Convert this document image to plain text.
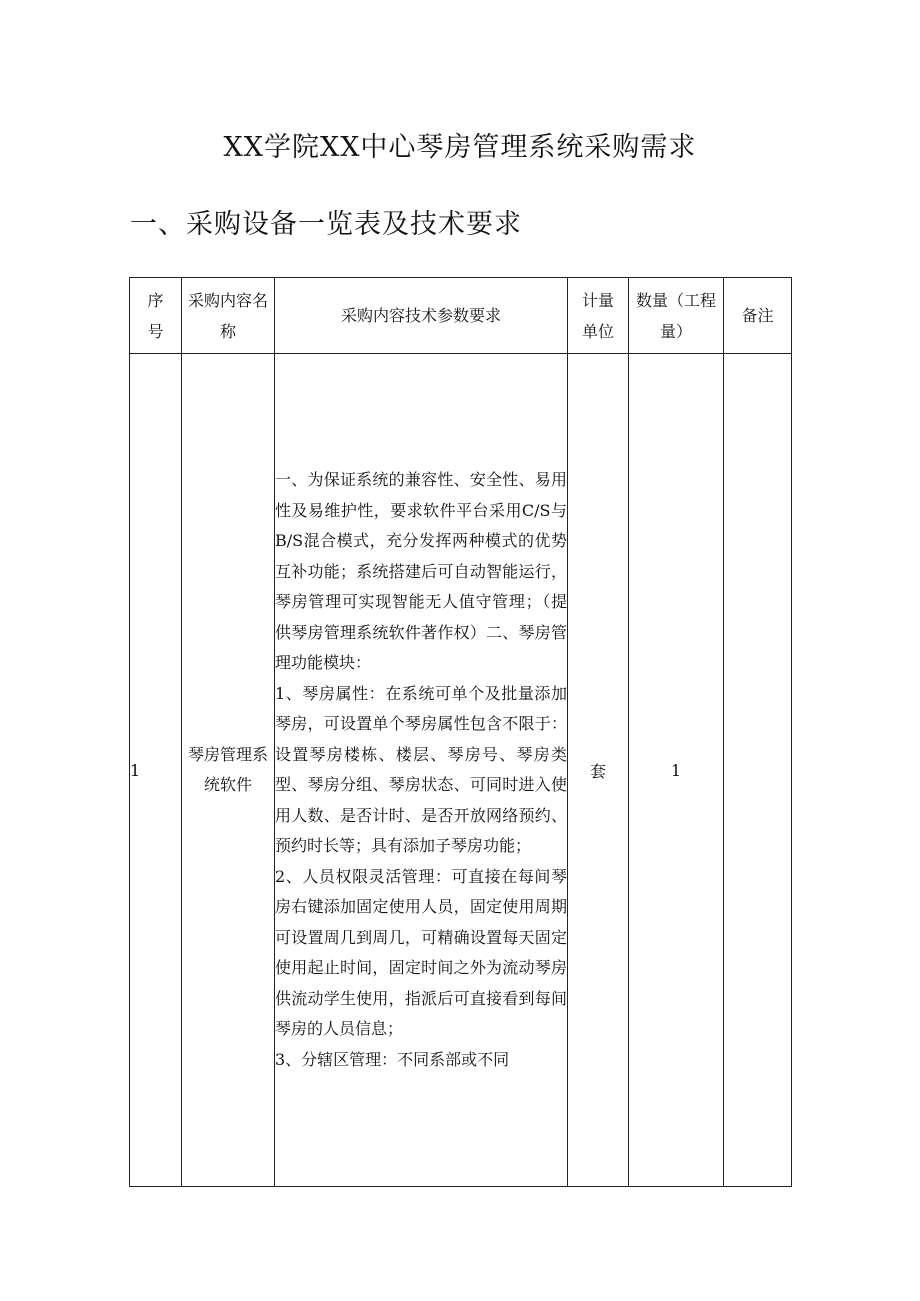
XX学院XX中心琴房管理系统采购需求
一、采购设备一览表及技术要求
序号	采购内容名称	采购内容技术参数要求	计量单位	数量（工程量）	备注
1	琴房管理系统软件	一、为保证系统的兼容性、安全性、易用性及易维护性，要求软件平台采用C/S与B/S混合模式，充分发挥两种模式的优势互补功能；系统搭建后可自动智能运行，琴房管理可实现智能无人值守管理；（提供琴房管理系统软件著作权）二、琴房管理功能模块：
1、琴房属性：在系统可单个及批量添加琴房，可设置单个琴房属性包含不限于：设置琴房楼栋、楼层、琴房号、琴房类型、琴房分组、琴房状态、可同时进入使用人数、是否计时、是否开放网络预约、预约时长等；具有添加子琴房功能；
2、人员权限灵活管理：可直接在每间琴房右键添加固定使用人员，固定使用周期可设置周几到周几，可精确设置每天固定使用起止时间，固定时间之外为流动琴房供流动学生使用，指派后可直接看到每间琴房的人员信息；
3、分辖区管理：不同系部或不同	套	1	
